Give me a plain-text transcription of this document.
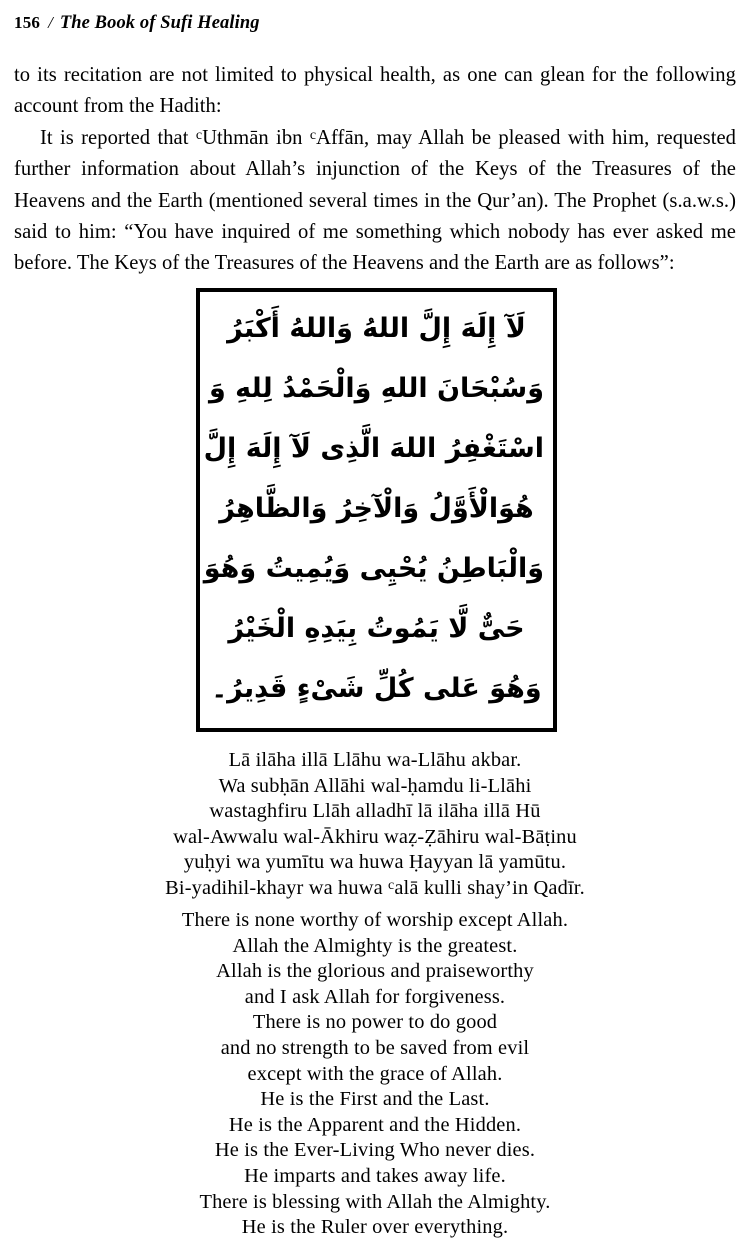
156 / The Book of Sufi Healing

to its recitation are not limited to physical health, as one can glean for the following account from the Hadith:

It is reported that $^c$Uthmān ibn $^c$Affān, may Allah be pleased with him, requested further information about Allah’s injunction of the Keys of the Treasures of the Heavens and the Earth (mentioned several times in the Qur’an). The Prophet (s.a.w.s.) said to him: “You have inquired of me something which nobody has ever asked me before. The Keys of the Treasures of the Heavens and the Earth are as follows”:

لَآ إِلَهَ إِلَّ اللهُ وَاللهُ أَكْبَرُ
وَسُبْحَانَ اللهِ وَالْحَمْدُ لِلهِ وَ
اسْتَغْفِرُ اللهَ الَّذِى لَآ إِلَهَ إِلَّ
هُوَالْأَوَّلُ وَالْآخِرُ وَالظَّاهِرُ
وَالْبَاطِنُ يُحْيِى وَيُمِيتُ وَهُوَ
حَىٌّ لَّا يَمُوتُ بِيَدِهِ الْخَيْرُ
وَهُوَ عَلى كُلِّ شَىْءٍ قَدِيرُ۔
Lā ilāha illā Llāhu wa-Llāhu akbar.
Wa subḥān Allāhi wal-ḥamdu li-Llāhi
wastaghfiru Llāh alladhī lā ilāha illā Hū
wal-Awwalu wal-Ākhiru waẓ-Ẓāhiru wal-Bāṭinu
yuḥyi wa yumītu wa huwa Ḥayyan lā yamūtu.
Bi-yadihil-khayr wa huwa $^c$alā kulli shay’in Qadīr.
There is none worthy of worship except Allah.
Allah the Almighty is the greatest.
Allah is the glorious and praiseworthy
and I ask Allah for forgiveness.
There is no power to do good
and no strength to be saved from evil
except with the grace of Allah.
He is the First and the Last.
He is the Apparent and the Hidden.
He is the Ever-Living Who never dies.
He imparts and takes away life.
There is blessing with Allah the Almighty.
He is the Ruler over everything.
